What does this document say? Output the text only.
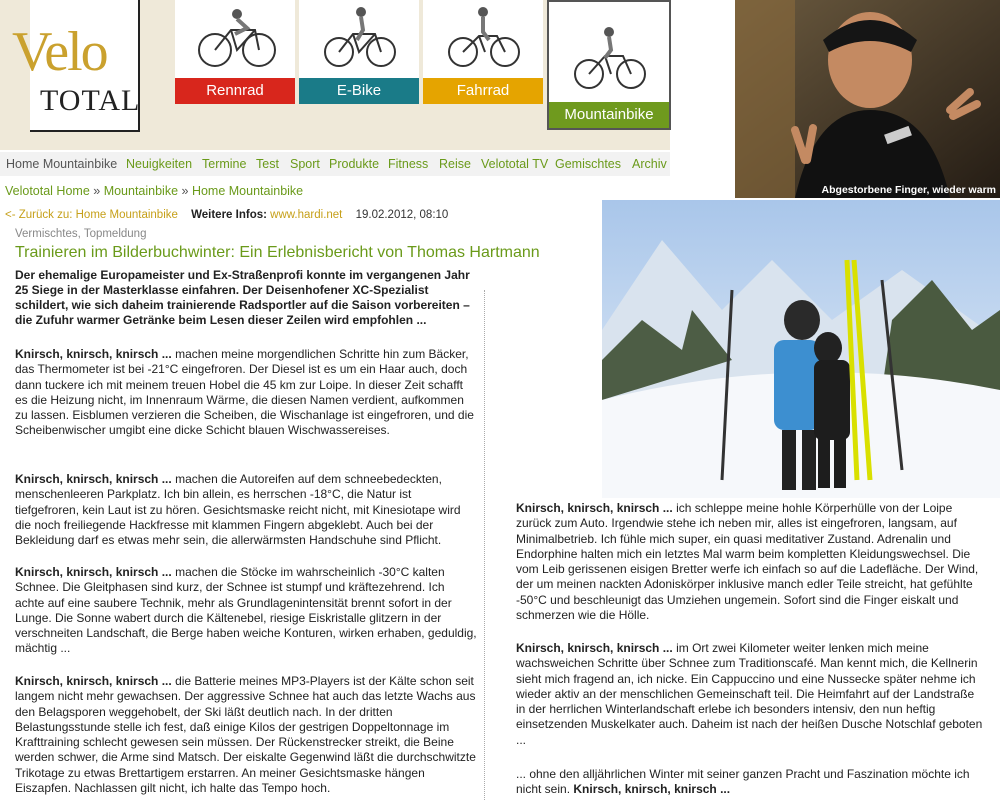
Velo
TOTAL	Rennrad	E-Bike	Fahrrad
Mountainbike
Abgestorbene Finger, wieder warm
Home Mountainbike Neuigkeiten Termine Test Sport Produkte Fitness Reise Velototal TV Gemischtes Archiv
Velototal Home » Mountainbike » Home Mountainbike
<- Zurück zu: Home Mountainbike Weitere Infos: www.hardi.net 19.02.2012, 08:10
Vermischtes, Topmeldung
Trainieren im Bilderbuchwinter: Ein Erlebnisbericht von Thomas Hartmann
Der ehemalige Europameister und Ex-Straßenprofi konnte im vergangenen Jahr 25 Siege in der Masterklasse einfahren. Der Deisenhofener XC-Spezialist schildert, wie sich daheim trainierende Radsportler auf die Saison vorbereiten – die Zufuhr warmer Getränke beim Lesen dieser Zeilen wird empfohlen ...
Knirsch, knirsch, knirsch ... machen meine morgendlichen Schritte hin zum Bäcker, das Thermometer ist bei -21°C eingefroren. Der Diesel ist es um ein Haar auch, doch dann tuckere ich mit meinem treuen Hobel die 45 km zur Loipe. In dieser Zeit schafft es die Heizung nicht, im Innenraum Wärme, die diesen Namen verdient, aufkommen zu lassen. Eisblumen verzieren die Scheiben, die Wischanlage ist eingefroren, und die Scheibenwischer umgibt eine dicke Schicht blauen Wischwassereises.
Knirsch, knirsch, knirsch ... machen die Autoreifen auf dem schneebedeckten, menschenleeren Parkplatz. Ich bin allein, es herrschen -18°C, die Natur ist tiefgefroren, kein Laut ist zu hören. Gesichtsmaske reicht nicht, mit Kinesiotape wird die noch freiliegende Hackfresse mit klammen Fingern abgeklebt. Auch bei der Bekleidung darf es etwas mehr sein, die allerwärmsten Handschuhe sind Pflicht.
Knirsch, knirsch, knirsch ... machen die Stöcke im wahrscheinlich -30°C kalten Schnee. Die Gleitphasen sind kurz, der Schnee ist stumpf und kräftezehrend. Ich achte auf eine saubere Technik, mehr als Grundlagenintensität brennt sofort in der Lunge. Die Sonne wabert durch die Kältenebel, riesige Eiskristalle glitzern in der verschneiten Landschaft, die Berge haben weiche Konturen, wirken erhaben, geduldig, mächtig ...
Knirsch, knirsch, knirsch ... die Batterie meines MP3-Players ist der Kälte schon seit langem nicht mehr gewachsen. Der aggressive Schnee hat auch das letzte Wachs aus den Belagsporen weggehobelt, der Ski läßt deutlich nach. In der dritten Belastungsstunde stelle ich fest, daß einige Kilos der gestrigen Doppeltonnage im Krafttraining schlecht gewesen sein müssen. Der Rückenstrecker streikt, die Beine werden schwer, die Arme sind Matsch. Der eiskalte Gegenwind läßt die durchschwitzte Trikotage zu etwas Brettartigem erstarren. An meiner Gesichtsmaske hängen Eiszapfen. Nachlassen gilt nicht, ich halte das Tempo hoch.
Knirsch, knirsch, knirsch ... ich schleppe meine hohle Körperhülle von der Loipe zurück zum Auto. Irgendwie stehe ich neben mir, alles ist eingefroren, langsam, auf Minimalbetrieb. Ich fühle mich super, ein quasi meditativer Zustand. Adrenalin und Endorphine halten mich ein letztes Mal warm beim kompletten Kleidungswechsel. Die vom Leib gerissenen eisigen Bretter werfe ich einfach so auf die Ladefläche. Der Wind, der um meinen nackten Adoniskörper inklusive manch edler Teile streicht, hat gefühlte -50°C und beschleunigt das Umziehen ungemein. Sofort sind die Finger eiskalt und schmerzen wie die Hölle.
Knirsch, knirsch, knirsch ... im Ort zwei Kilometer weiter lenken mich meine wachsweichen Schritte über Schnee zum Traditionscafé. Man kennt mich, die Kellnerin sieht mich fragend an, ich nicke. Ein Cappuccino und eine Nussecke später nehme ich wieder aktiv an der menschlichen Gemeinschaft teil. Die Heimfahrt auf der Landstraße in der herrlichen Winterlandschaft erlebe ich besonders intensiv, den nun heftig einsetzenden Muskelkater auch. Daheim ist nach der heißen Dusche Notschlaf geboten ...
... ohne den alljährlichen Winter mit seiner ganzen Pracht und Faszination möchte ich nicht sein. Knirsch, knirsch, knirsch ...
